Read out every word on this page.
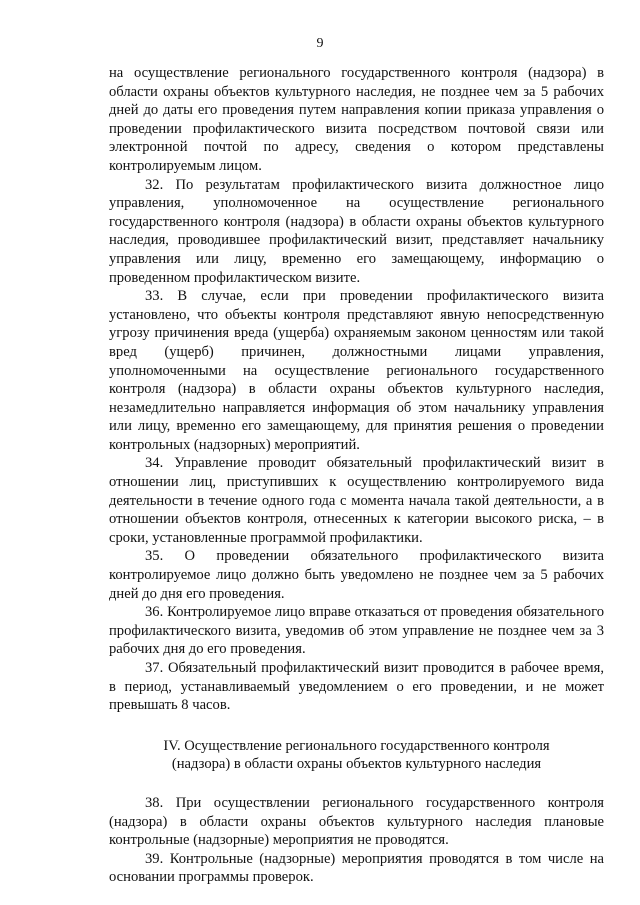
9

на осуществление регионального государственного контроля (надзора) в области охраны объектов культурного наследия, не позднее чем за 5 рабочих дней до даты его проведения путем направления копии приказа управления о проведении профилактического визита посредством почтовой связи или электронной почтой по адресу, сведения о котором представлены контролируемым лицом.

32. По результатам профилактического визита должностное лицо управления, уполномоченное на осуществление регионального государственного контроля (надзора) в области охраны объектов культурного наследия, проводившее профилактический визит, представляет начальнику управления или лицу, временно его замещающему, информацию о проведенном профилактическом визите.

33. В случае, если при проведении профилактического визита установлено, что объекты контроля представляют явную непосредственную угрозу причинения вреда (ущерба) охраняемым законом ценностям или такой вред (ущерб) причинен, должностными лицами управления, уполномоченными на осуществление регионального государственного контроля (надзора) в области охраны объектов культурного наследия, незамедлительно направляется информация об этом начальнику управления или лицу, временно его замещающему, для принятия решения о проведении контрольных (надзорных) мероприятий.

34. Управление проводит обязательный профилактический визит в отношении лиц, приступивших к осуществлению контролируемого вида деятельности в течение одного года с момента начала такой деятельности, а в отношении объектов контроля, отнесенных к категории высокого риска, – в сроки, установленные программой профилактики.

35. О проведении обязательного профилактического визита контролируемое лицо должно быть уведомлено не позднее чем за 5 рабочих дней до дня его проведения.

36. Контролируемое лицо вправе отказаться от проведения обязательного профилактического визита, уведомив об этом управление не позднее чем за 3 рабочих дня до его проведения.

37. Обязательный профилактический визит проводится в рабочее время, в период, устанавливаемый уведомлением о его проведении, и не может превышать 8 часов.

IV. Осуществление регионального государственного контроля
(надзора) в области охраны объектов культурного наследия

38. При осуществлении регионального государственного контроля (надзора) в области охраны объектов культурного наследия плановые контрольные (надзорные) мероприятия не проводятся.

39. Контрольные (надзорные) мероприятия проводятся в том числе на основании программы проверок.
